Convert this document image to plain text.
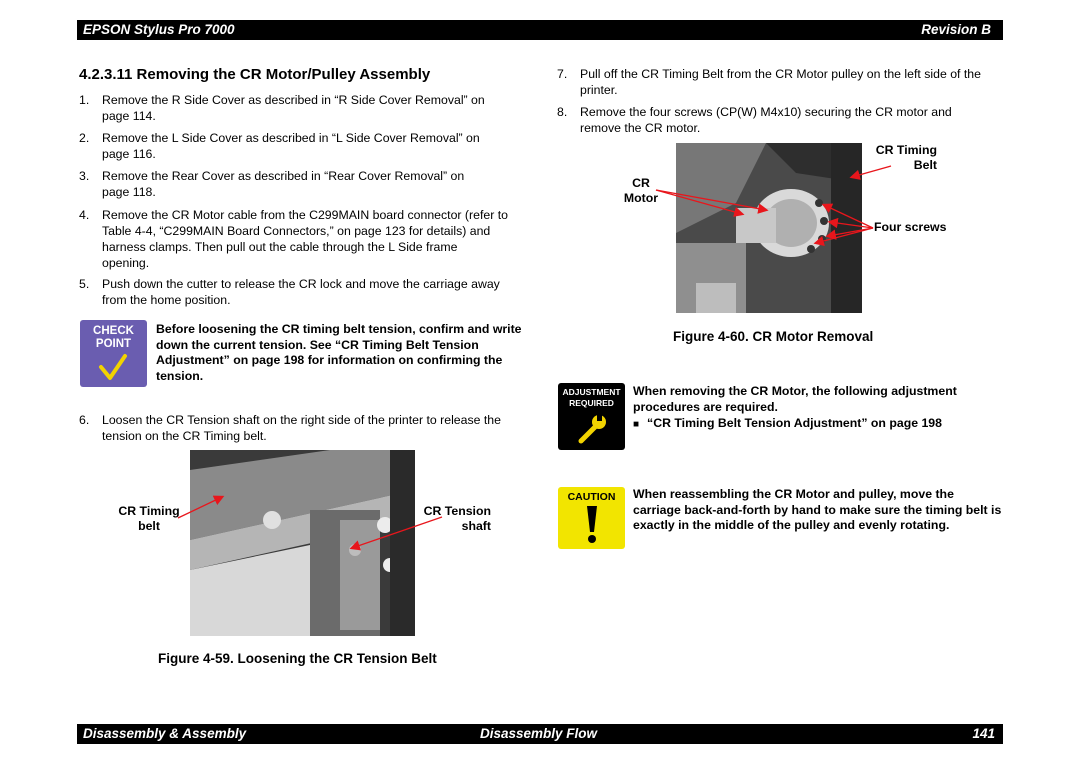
EPSON Stylus Pro 7000	Revision B
4.2.3.11 Removing the CR Motor/Pulley Assembly
1. Remove the R Side Cover as described in “R Side Cover Removal” on
page 114.
2. Remove the L Side Cover as described in “L Side Cover Removal” on
page 116.
3. Remove the Rear Cover as described in “Rear Cover Removal” on
page 118.
4. Remove the CR Motor cable from the C299MAIN board connector (refer to
Table 4-4, “C299MAIN Board Connectors,” on page 123 for details) and
harness clamps. Then pull out the cable through the L Side frame
opening.
5. Push down the cutter to release the CR lock and move the carriage away
from the home position.
CHECK
POINT
Before loosening the CR timing belt tension, confirm and write
down the current tension. See “CR Timing Belt Tension
Adjustment” on page 198 for information on confirming the
tension.
6. Loosen the CR Tension shaft on the right side of the printer to release the
tension on the CR Timing belt.
CR Timing
belt
CR Tension
shaft
Figure 4-59. Loosening the CR Tension Belt
7. Pull off the CR Timing Belt from the CR Motor pulley on the left side of the
printer.
8. Remove the four screws (CP(W) M4x10) securing the CR motor and
remove the CR motor.
CR Timing
Belt
CR
Motor
Four screws
Figure 4-60. CR Motor Removal
ADJUSTMENT
REQUIRED
When removing the CR Motor, the following adjustment
procedures are required.
■ “CR Timing Belt Tension Adjustment” on page 198
CAUTION	When reassembling the CR Motor and pulley, move the
carriage back-and-forth by hand to make sure the timing belt is
exactly in the middle of the pulley and evenly rotating.
Disassembly & Assembly	Disassembly Flow	141
